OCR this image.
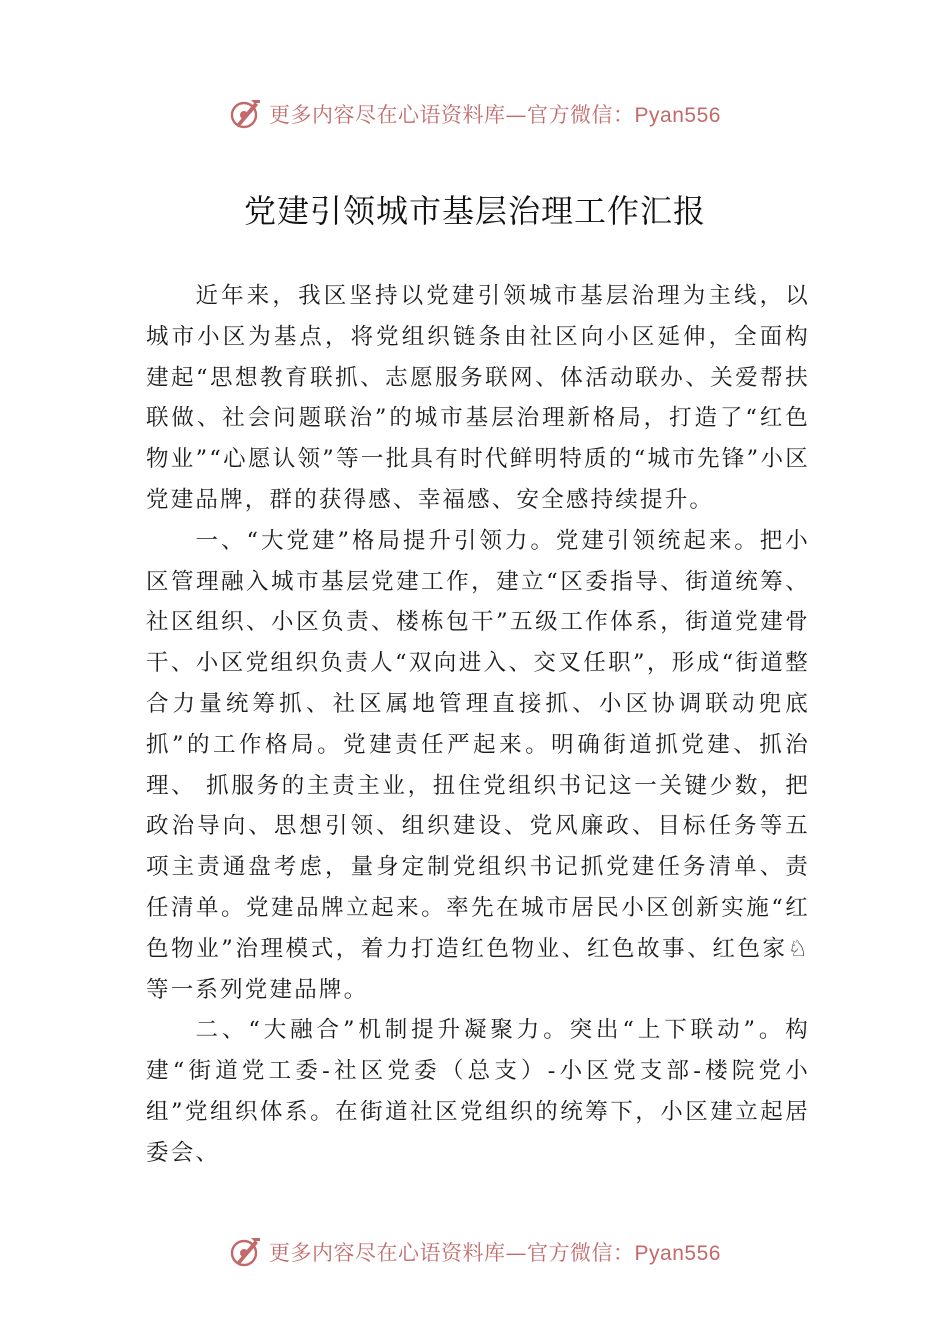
更多内容尽在心语资料库—官方微信：Pyan556
党建引领城市基层治理工作汇报

近年来，我区坚持以党建引领城市基层治理为主线，以城市小区为基点，将党组织链条由社区向小区延伸，全面构建起“思想教育联抓、志愿服务联网、体活动联办、关爱帮扶联做、社会问题联治”的城市基层治理新格局，打造了“红色物业”“心愿认领”等一批具有时代鲜明特质的“城市先锋”小区党建品牌，群的获得感、幸福感、安全感持续提升。

一、“大党建”格局提升引领力。党建引领统起来。把小区管理融入城市基层党建工作，建立“区委指导、街道统筹、社区组织、小区负责、楼栋包干”五级工作体系，街道党建骨干、小区党组织负责人“双向进入、交叉任职”，形成“街道整合力量统筹抓、社区属地管理直接抓、小区协调联动兜底抓”的工作格局。党建责任严起来。明确街道抓党建、抓治理、 抓服务的主责主业，扭住党组织书记这一关键少数，把政治导向、思想引领、组织建设、党风廉政、目标任务等五项主责通盘考虑，量身定制党组织书记抓党建任务清单、责任清单。党建品牌立起来。率先在城市居民小区创新实施“红色物业”治理模式，着力打造红色物业、红色故事、红色家♘等一系列党建品牌。

二、“大融合”机制提升凝聚力。突出“上下联动”。构建“街道党工委-社区党委（总支）-小区党支部-楼院党小组”党组织体系。在街道社区党组织的统筹下，小区建立起居委会、

更多内容尽在心语资料库—官方微信：Pyan556
